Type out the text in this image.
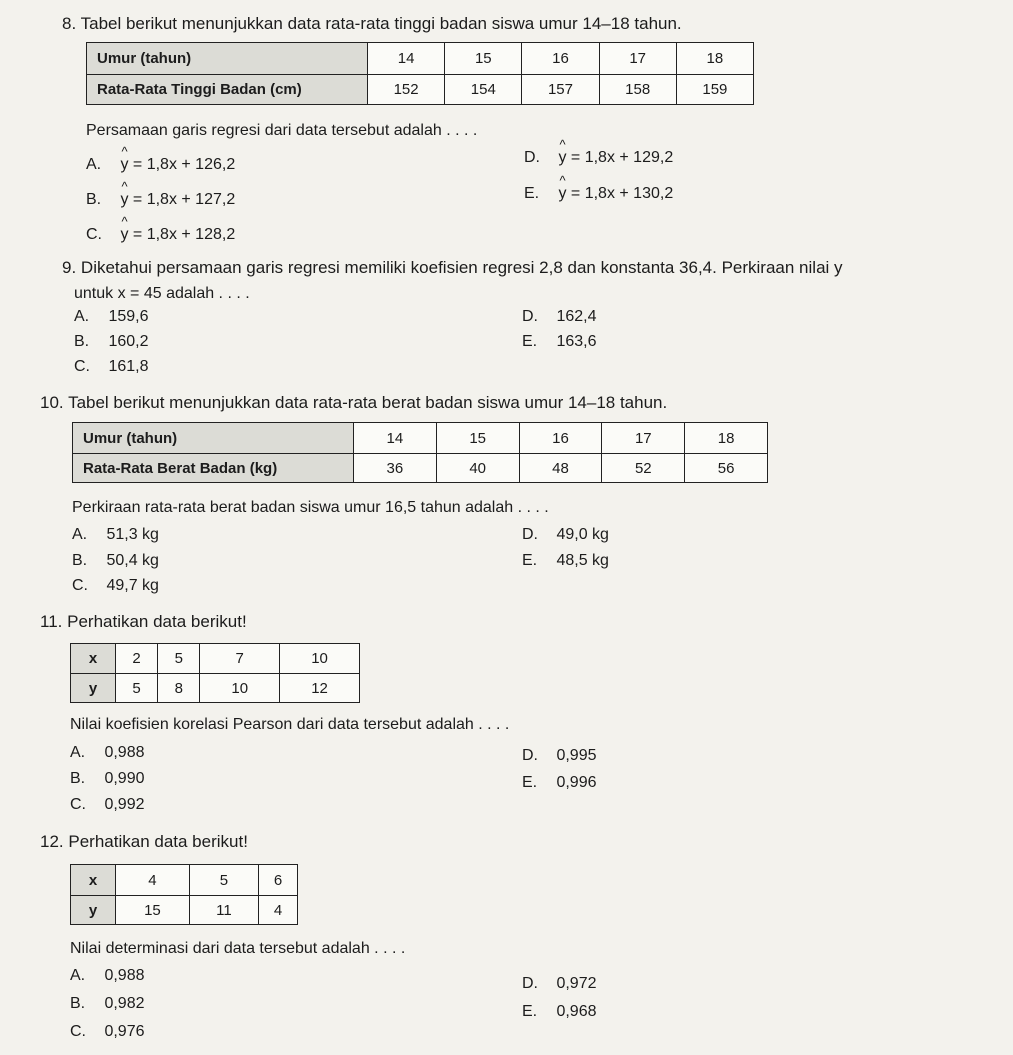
8. Tabel berikut menunjukkan data rata-rata tinggi badan siswa umur 14–18 tahun.
Umur (tahun)	14	15	16	17	18
Rata-Rata Tinggi Badan (cm)	152	154	157	158	159
Persamaan garis regresi dari data tersebut adalah . . . .
A. ^ y = 1,8x + 126,2
B. ^ y = 1,8x + 127,2
C. ^ y = 1,8x + 128,2
D. ^ y = 1,8x + 129,2
E. ^ y = 1,8x + 130,2
9. Diketahui persamaan garis regresi memiliki koefisien regresi 2,8 dan konstanta 36,4. Perkiraan nilai y
untuk x = 45 adalah . . . .
A. 159,6
B. 160,2
C. 161,8
D. 162,4
E. 163,6
10. Tabel berikut menunjukkan data rata-rata berat badan siswa umur 14–18 tahun.
Umur (tahun)	14	15	16	17	18
Rata-Rata Berat Badan (kg)	36	40	48	52	56
Perkiraan rata-rata berat badan siswa umur 16,5 tahun adalah . . . .
A. 51,3 kg
B. 50,4 kg
C. 49,7 kg
D. 49,0 kg
E. 48,5 kg
11. Perhatikan data berikut!
x	2	5	7	10
y	5	8	10	12
Nilai koefisien korelasi Pearson dari data tersebut adalah . . . .
A. 0,988
B. 0,990
C. 0,992
D. 0,995
E. 0,996
12. Perhatikan data berikut!
x	4	5	6
y	15	11	4
Nilai determinasi dari data tersebut adalah . . . .
A. 0,988
B. 0,982
C. 0,976
D. 0,972
E. 0,968
